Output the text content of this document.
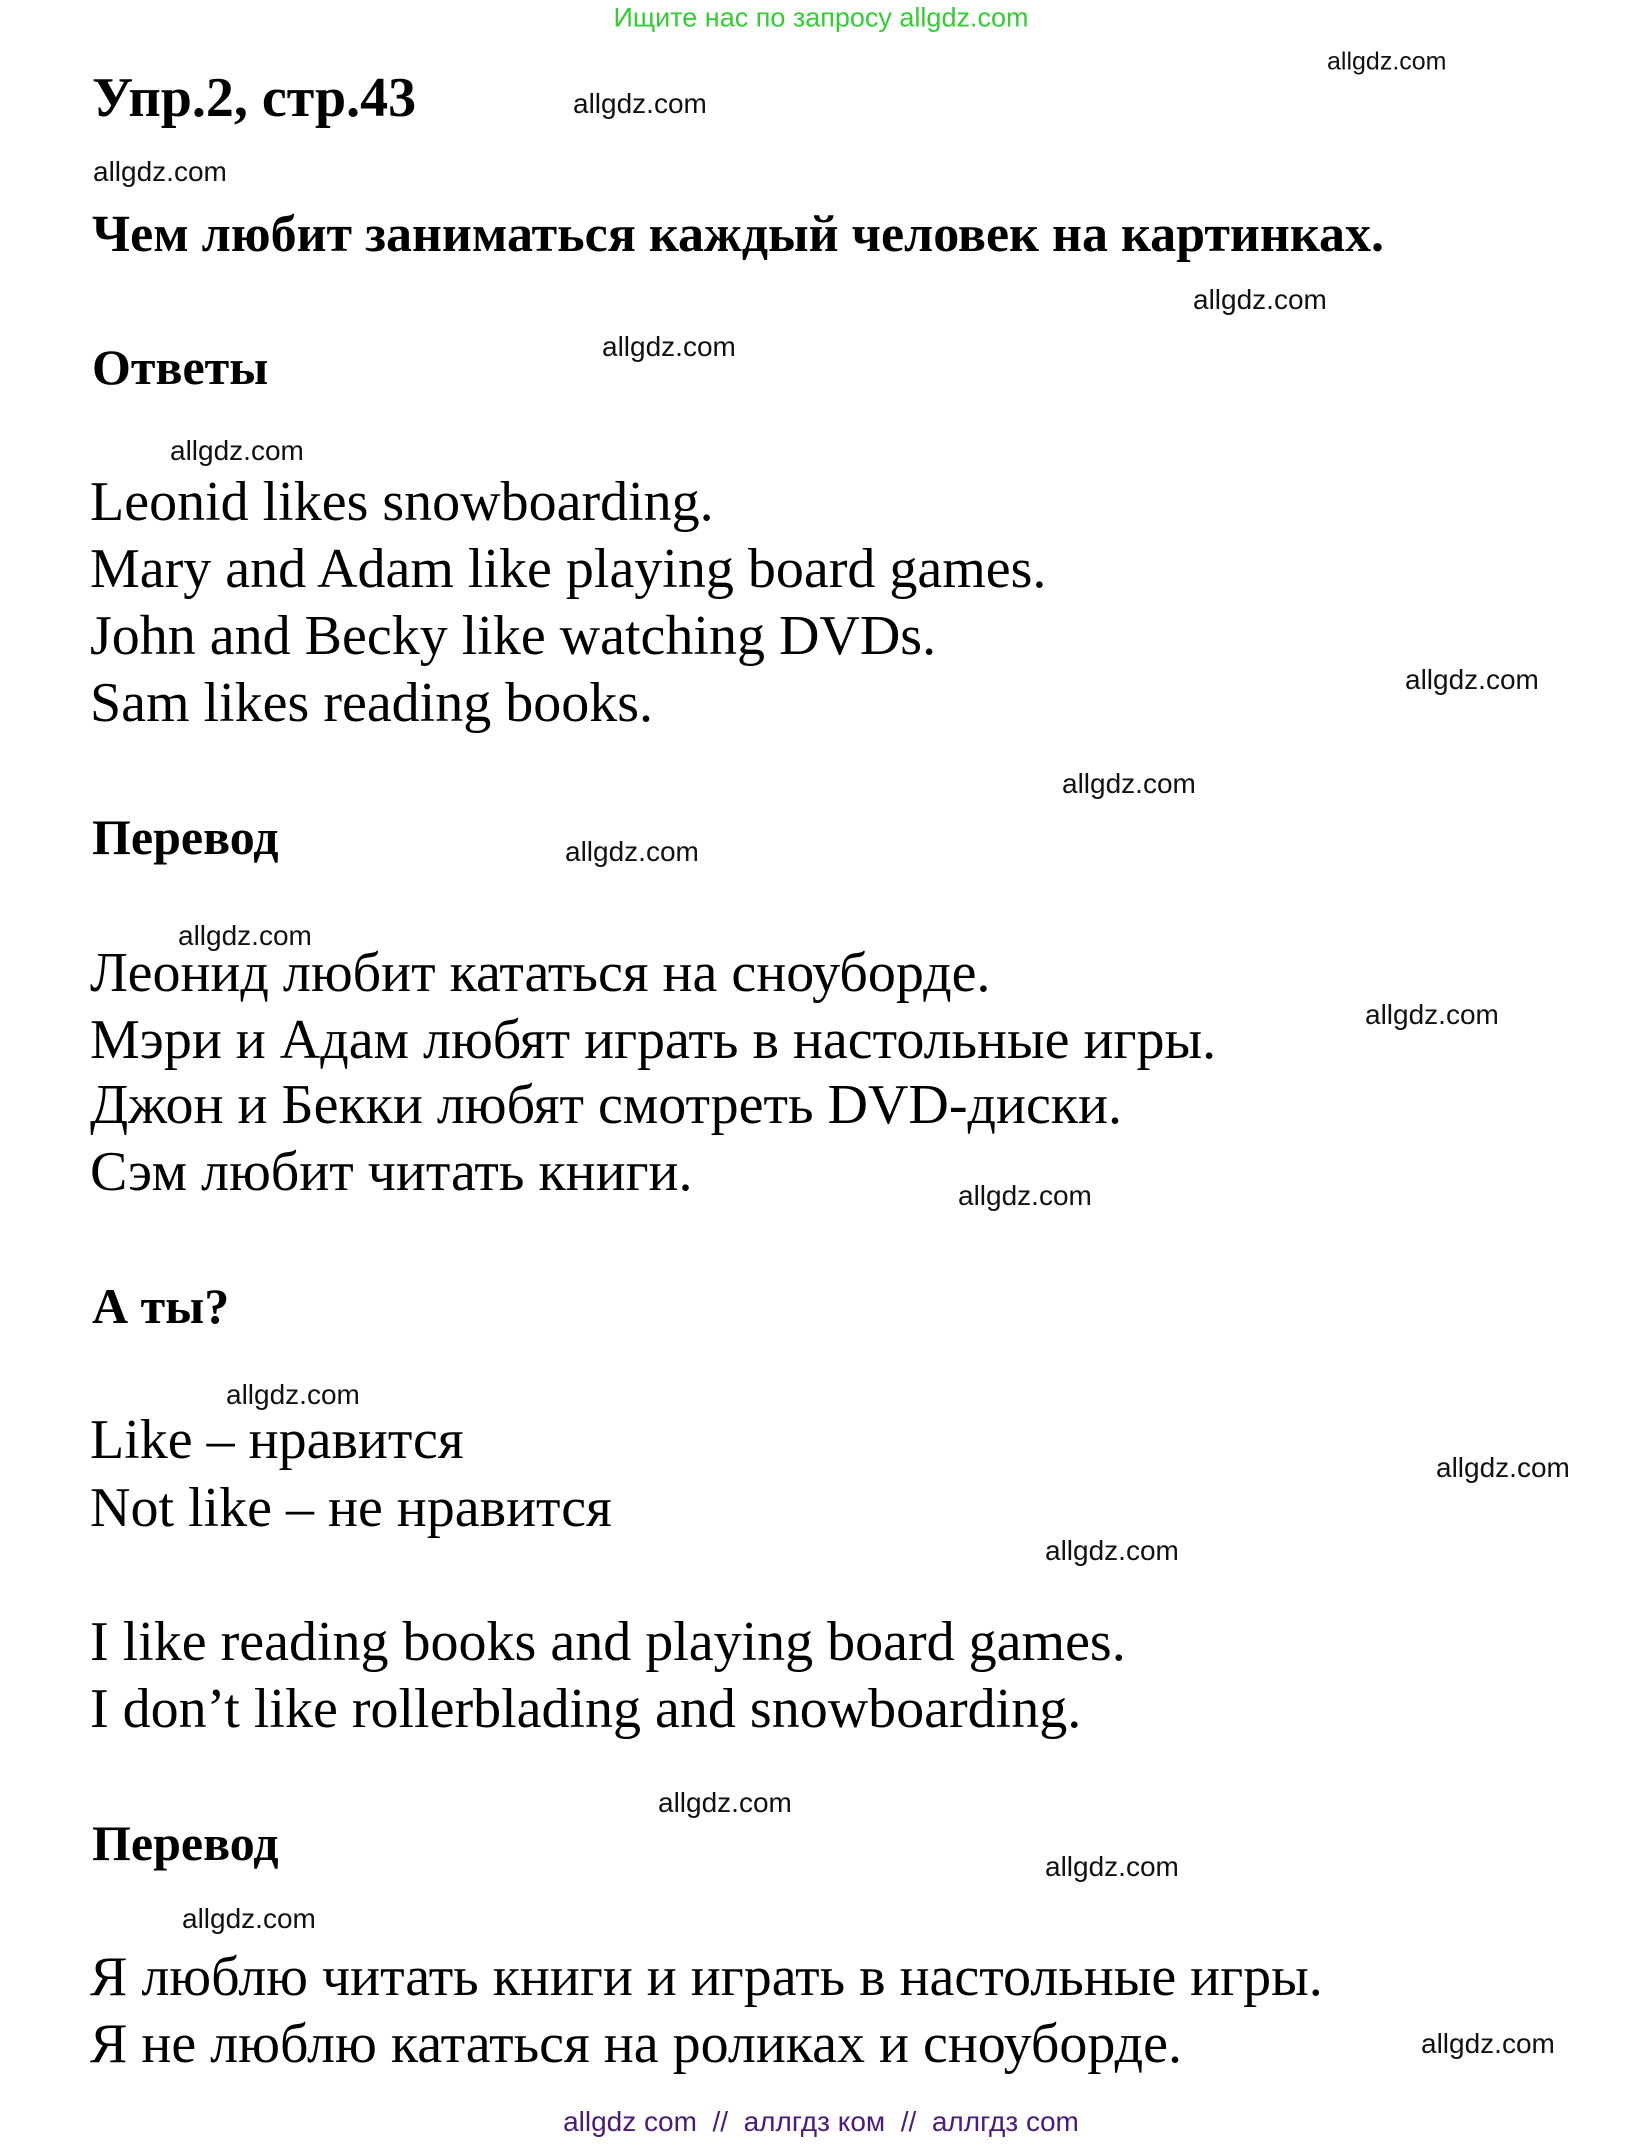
Ищите нас по запросу allgdz.com
Упр.2, стр.43
Чем любит заниматься каждый человек на картинках.
Ответы
Leonid likes snowboarding.
Mary and Adam like playing board games.
John and Becky like watching DVDs.
Sam likes reading books.
Перевод
Леонид любит кататься на сноуборде.
Мэри и Адам любят играть в настольные игры.
Джон и Бекки любят смотреть DVD-диски.
Сэм любит читать книги.
А ты?
Like – нравится
Not like – не нравится
I like reading books and playing board games.
I don’t like rollerblading and snowboarding.
Перевод
Я люблю читать книги и играть в настольные игры.
Я не люблю кататься на роликах и сноуборде.
allgdz.com
allgdz.com
allgdz.com
allgdz.com
allgdz.com
allgdz.com
allgdz.com
allgdz.com
allgdz.com
allgdz.com
allgdz.com
allgdz.com
allgdz.com
allgdz.com
allgdz.com
allgdz.com
allgdz.com
allgdz.com
allgdz.com
allgdz com  //  аллгдз ком  //  аллгдз com
